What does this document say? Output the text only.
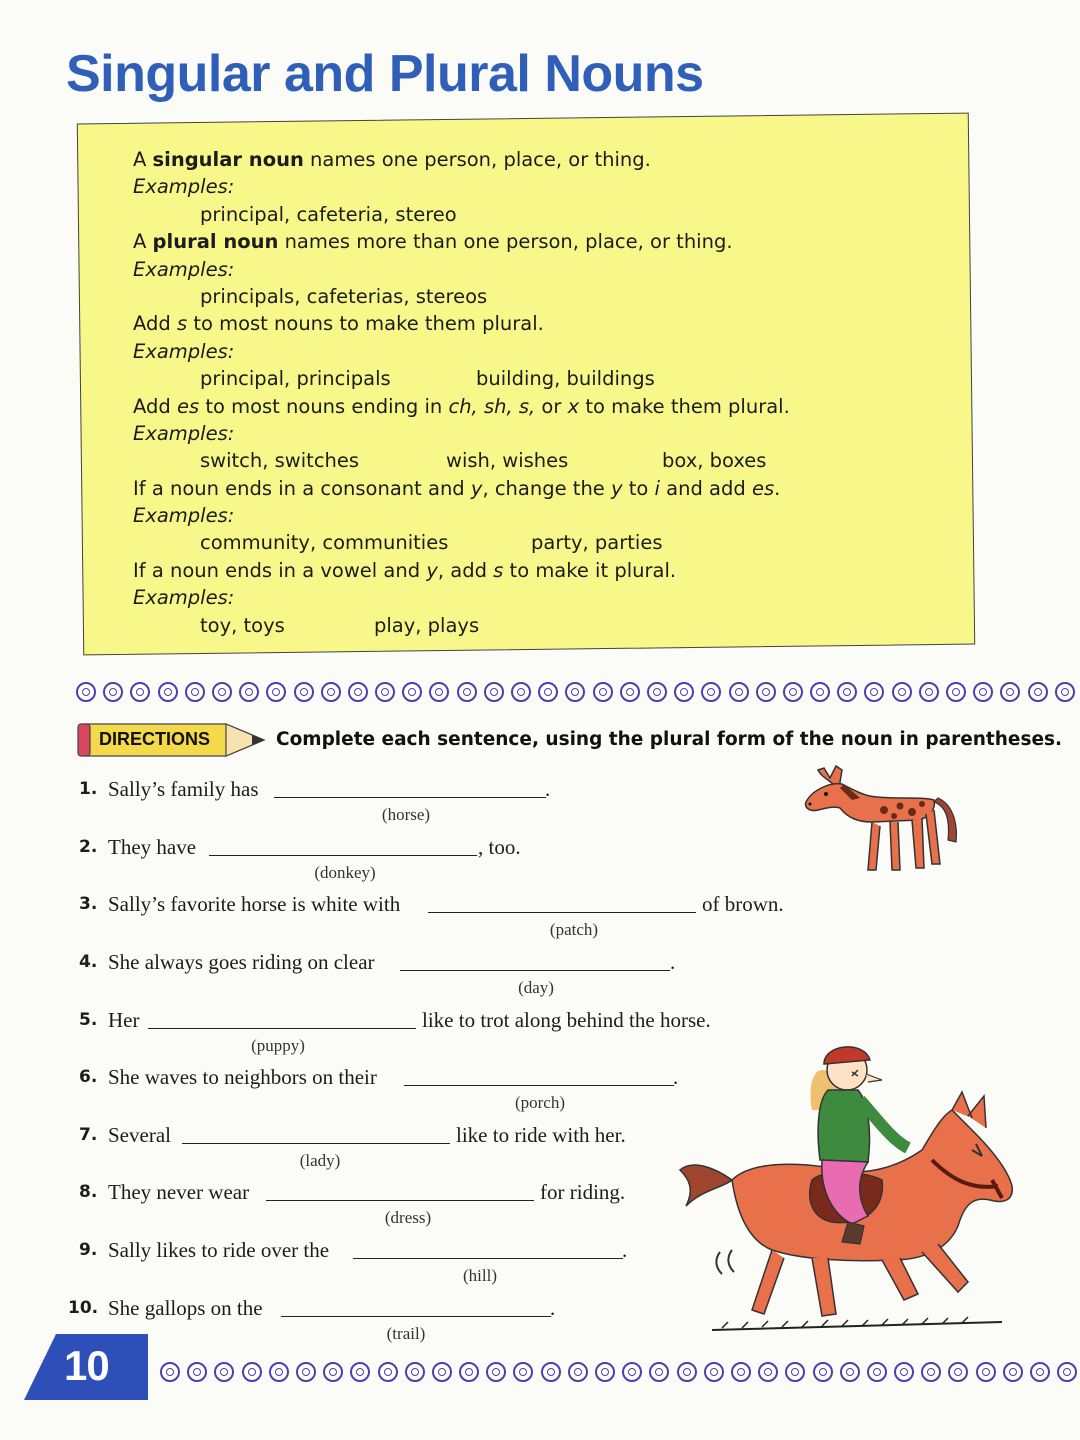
Singular and Plural Nouns
A singular noun names one person, place, or thing.
Examples:
principal, cafeteria, stereo
A plural noun names more than one person, place, or thing.
Examples:
principals, cafeterias, stereos
Add s to most nouns to make them plural.
Examples:
principal, principals	building, buildings
Add es to most nouns ending in ch, sh, s, or x to make them plural.
Examples:
switch, switches	wish, wishes	box, boxes
If a noun ends in a consonant and y, change the y to i and add es.
Examples:
community, communities	party, parties
If a noun ends in a vowel and y, add s to make it plural.
Examples:
toy, toys	play, plays
DIRECTIONS	Complete each sentence, using the plural form of the noun in parentheses.
1. Sally’s family has	.
(horse)
2. They have	, too.
(donkey)
3. Sally’s favorite horse is white with	of brown.
(patch)
4. She always goes riding on clear	.
(day)
5. Her	like to trot along behind the horse.
(puppy)
6. She waves to neighbors on their	.
(porch)
7. Several	like to ride with her.
(lady)
8. They never wear	for riding.
(dress)
9. Sally likes to ride over the	.
(hill)
10. She gallops on the	.
(trail)
10
